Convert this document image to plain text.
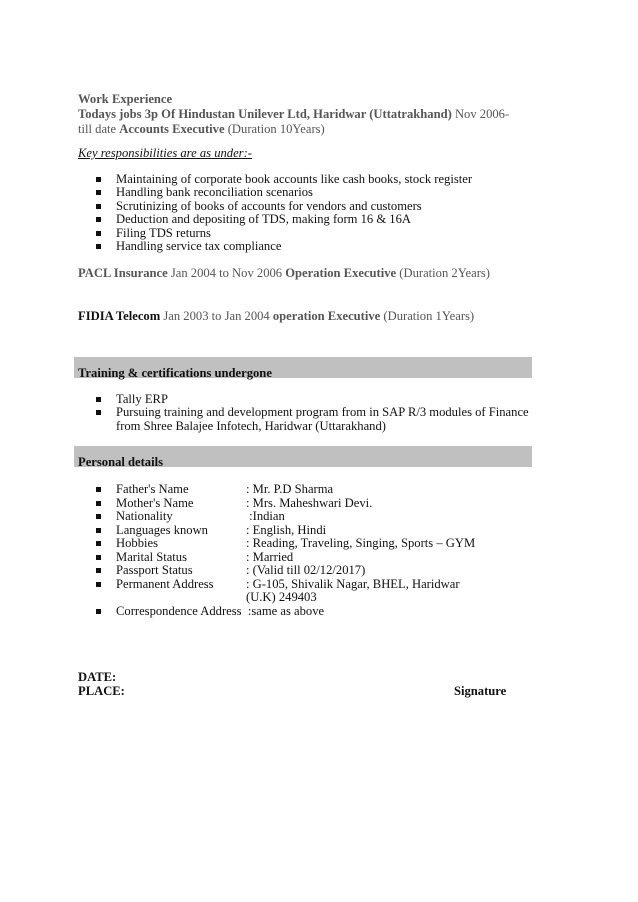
Work Experience
Todays jobs 3p Of Hindustan Unilever Ltd, Haridwar (Uttatrakhand) Nov 2006-
till date Accounts Executive (Duration 10Years)
Key responsibilities are as under:-
Maintaining of corporate book accounts like cash books, stock register
Handling bank reconciliation scenarios
Scrutinizing of books of accounts for vendors and customers
Deduction and depositing of TDS, making form 16 & 16A
Filing TDS returns
Handling service tax compliance
PACL Insurance Jan 2004 to Nov 2006 Operation Executive (Duration 2Years)
FIDIA Telecom Jan 2003 to Jan 2004 operation Executive (Duration 1Years)
Training & certifications undergone
Tally ERP
Pursuing training and development program from in SAP R/3 modules of Finance
from Shree Balajee Infotech, Haridwar (Uttarakhand)
Personal details
Father's Name	: Mr. P.D Sharma
Mother's Name	: Mrs. Maheshwari Devi.
Nationality	:Indian
Languages known	: English, Hindi
Hobbies	: Reading, Traveling, Singing, Sports – GYM
Marital Status	: Married
Passport Status	: (Valid till 02/12/2017)
Permanent Address	: G-105, Shivalik Nagar, BHEL, Haridwar
(U.K) 249403
Correspondence Address  :same as above
DATE:
PLACE:	Signature
